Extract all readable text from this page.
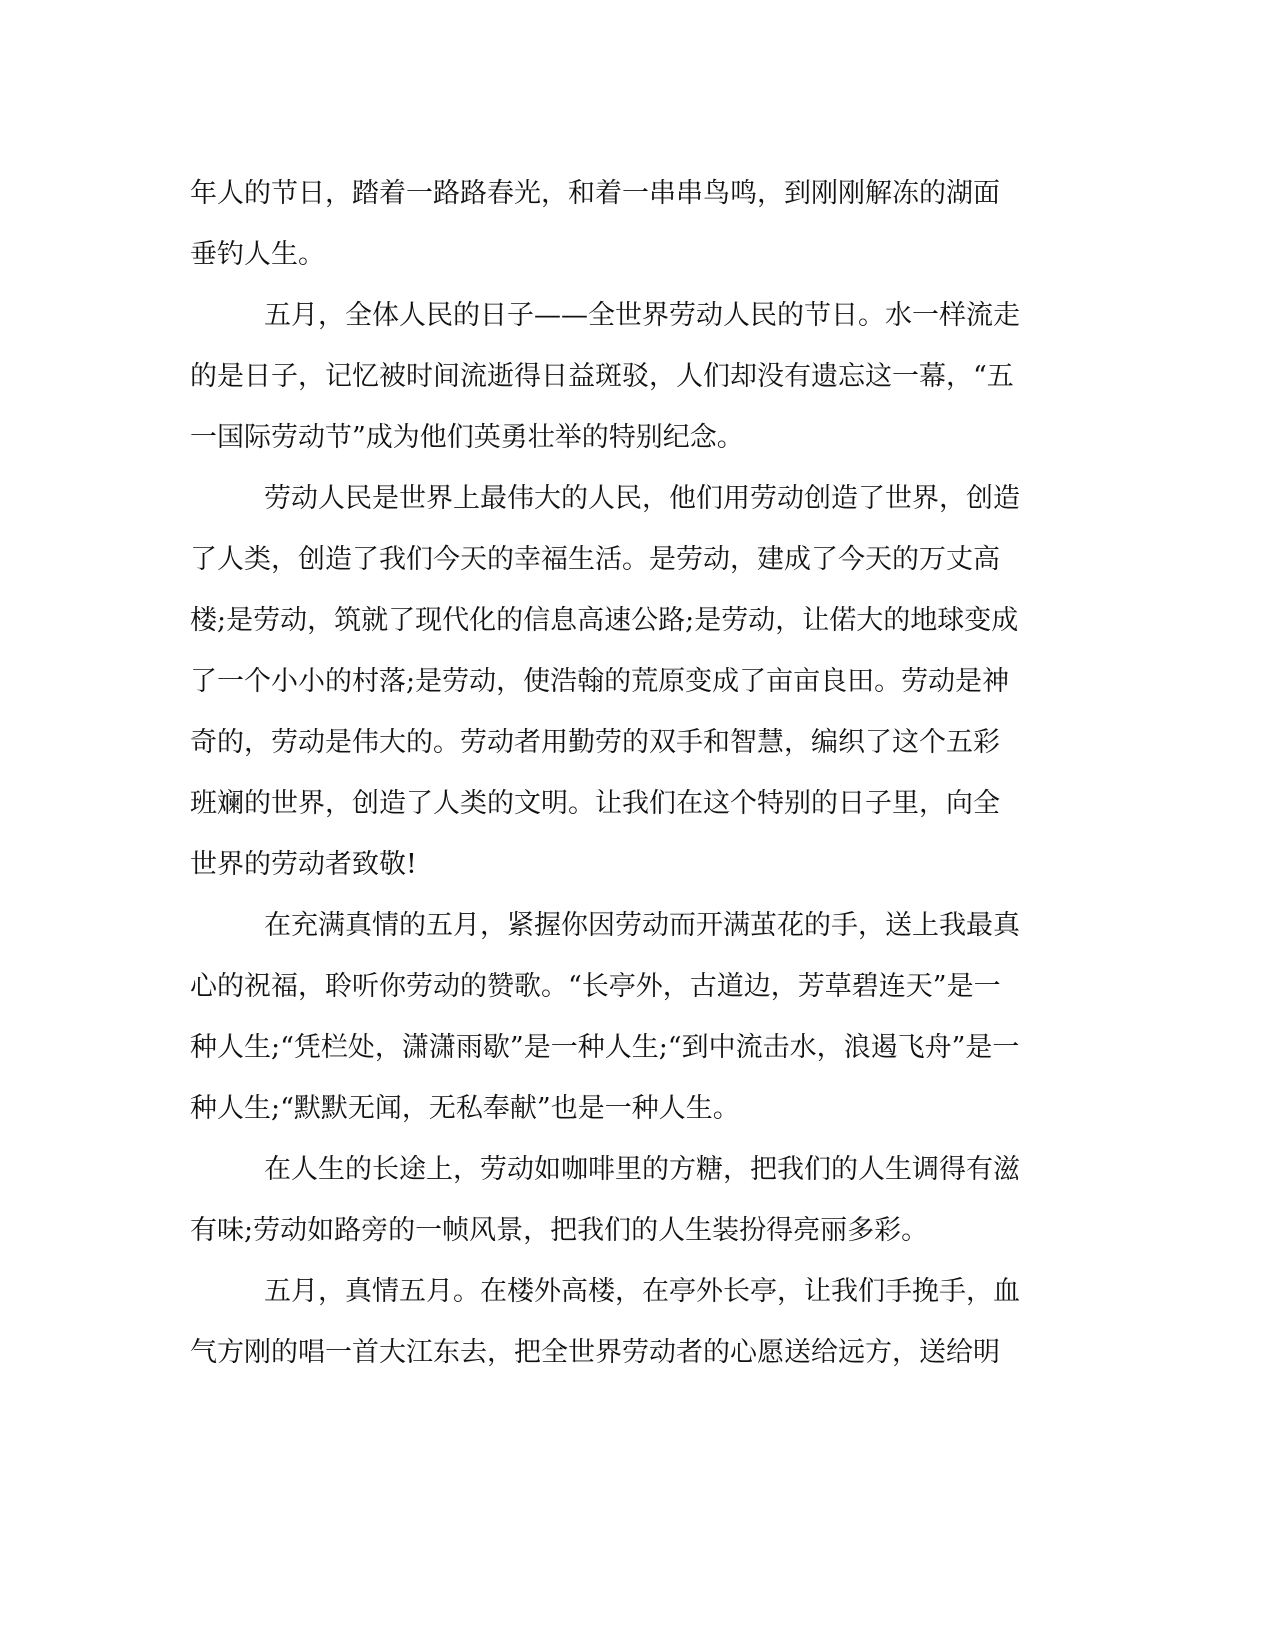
年人的节日，踏着一路路春光，和着一串串鸟鸣，到刚刚解冻的湖面
垂钓人生。
五月，全体人民的日子——全世界劳动人民的节日。水一样流走
的是日子，记忆被时间流逝得日益斑驳，人们却没有遗忘这一幕，“五
一国际劳动节”成为他们英勇壮举的特别纪念。
劳动人民是世界上最伟大的人民，他们用劳动创造了世界，创造
了人类，创造了我们今天的幸福生活。是劳动，建成了今天的万丈高
楼;是劳动，筑就了现代化的信息高速公路;是劳动，让偌大的地球变成
了一个小小的村落;是劳动，使浩翰的荒原变成了亩亩良田。劳动是神
奇的，劳动是伟大的。劳动者用勤劳的双手和智慧，编织了这个五彩
班斓的世界，创造了人类的文明。让我们在这个特别的日子里，向全
世界的劳动者致敬!
在充满真情的五月，紧握你因劳动而开满茧花的手，送上我最真
心的祝福，聆听你劳动的赞歌。“长亭外，古道边，芳草碧连天”是一
种人生;“凭栏处，潇潇雨歇”是一种人生;“到中流击水，浪遏飞舟”是一
种人生;“默默无闻，无私奉献”也是一种人生。
在人生的长途上，劳动如咖啡里的方糖，把我们的人生调得有滋
有味;劳动如路旁的一帧风景，把我们的人生装扮得亮丽多彩。
五月，真情五月。在楼外高楼，在亭外长亭，让我们手挽手，血
气方刚的唱一首大江东去，把全世界劳动者的心愿送给远方，送给明
